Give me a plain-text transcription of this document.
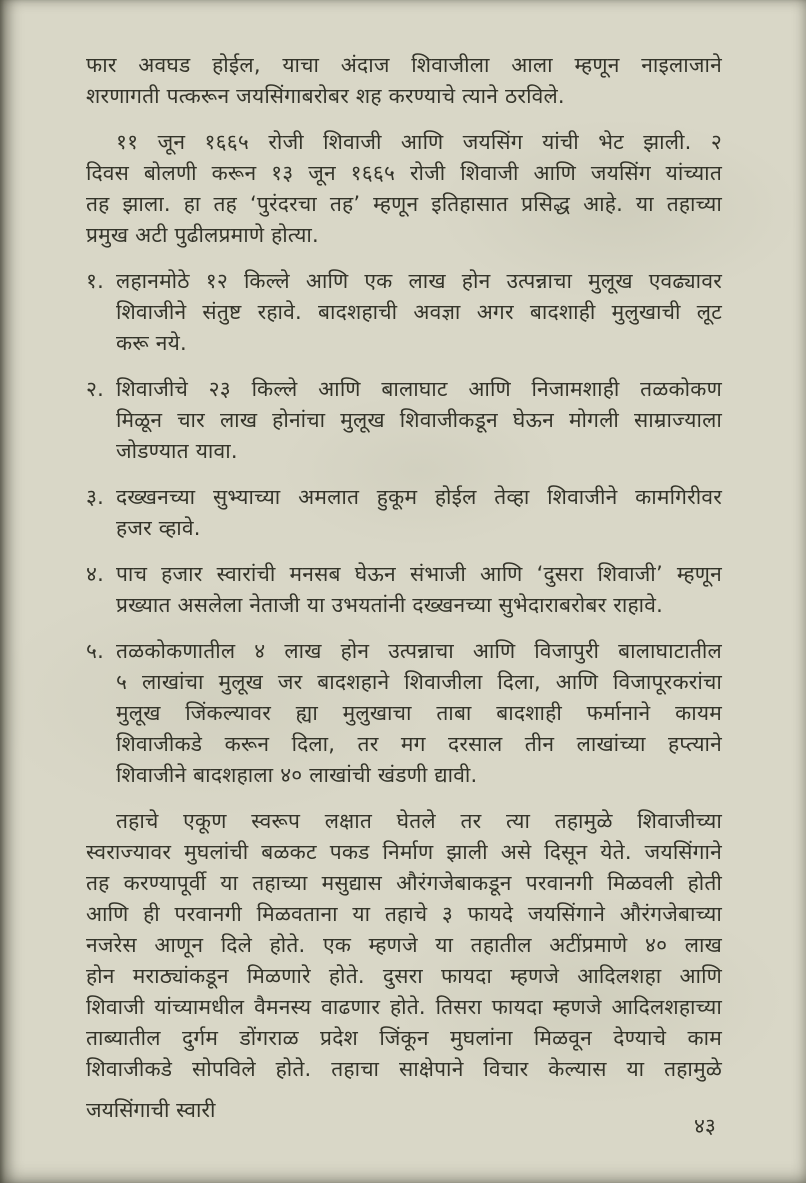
फार अवघड होईल, याचा अंदाज शिवाजीला आला म्हणून नाइलाजाने
शरणागती पत्करून जयसिंगाबरोबर शह करण्याचे त्याने ठरविले.
११ जून १६६५ रोजी शिवाजी आणि जयसिंग यांची भेट झाली. २
दिवस बोलणी करून १३ जून १६६५ रोजी शिवाजी आणि जयसिंग यांच्यात
तह झाला. हा तह ‘पुरंदरचा तह’ म्हणून इतिहासात प्रसिद्ध आहे. या तहाच्या
प्रमुख अटी पुढीलप्रमाणे होत्या.
१. लहानमोठे १२ किल्ले आणि एक लाख होन उत्पन्नाचा मुलूख एवढ्यावर
शिवाजीने संतुष्ट रहावे. बादशहाची अवज्ञा अगर बादशाही मुलुखाची लूट
करू नये.
२. शिवाजीचे २३ किल्ले आणि बालाघाट आणि निजामशाही तळकोकण
मिळून चार लाख होनांचा मुलूख शिवाजीकडून घेऊन मोगली साम्राज्याला
जोडण्यात यावा.
३. दख्खनच्या सुभ्याच्या अमलात हुकूम होईल तेव्हा शिवाजीने कामगिरीवर
हजर व्हावे.
४. पाच हजार स्वारांची मनसब घेऊन संभाजी आणि ‘दुसरा शिवाजी’ म्हणून
प्रख्यात असलेला नेताजी या उभयतांनी दख्खनच्या सुभेदाराबरोबर राहावे.
५. तळकोकणातील ४ लाख होन उत्पन्नाचा आणि विजापुरी बालाघाटातील
५ लाखांचा मुलूख जर बादशहाने शिवाजीला दिला, आणि विजापूरकरांचा
मुलूख जिंकल्यावर ह्या मुलुखाचा ताबा बादशाही फर्मानाने कायम
शिवाजीकडे करून दिला, तर मग दरसाल तीन लाखांच्या हप्त्याने
शिवाजीने बादशहाला ४० लाखांची खंडणी द्यावी.
तहाचे एकूण स्वरूप लक्षात घेतले तर त्या तहामुळे शिवाजीच्या
स्वराज्यावर मुघलांची बळकट पकड निर्माण झाली असे दिसून येते. जयसिंगाने
तह करण्यापूर्वी या तहाच्या मसुद्यास औरंगजेबाकडून परवानगी मिळवली होती
आणि ही परवानगी मिळवताना या तहाचे ३ फायदे जयसिंगाने औरंगजेबाच्या
नजरेस आणून दिले होते. एक म्हणजे या तहातील अटींप्रमाणे ४० लाख
होन मराठ्यांकडून मिळणारे होते. दुसरा फायदा म्हणजे आदिलशहा आणि
शिवाजी यांच्यामधील वैमनस्य वाढणार होते. तिसरा फायदा म्हणजे आदिलशहाच्या
ताब्यातील दुर्गम डोंगराळ प्रदेश जिंकून मुघलांना मिळवून देण्याचे काम
शिवाजीकडे सोपविले होते. तहाचा साक्षेपाने विचार केल्यास या तहामुळे
जयसिंगाची स्वारी
४३
